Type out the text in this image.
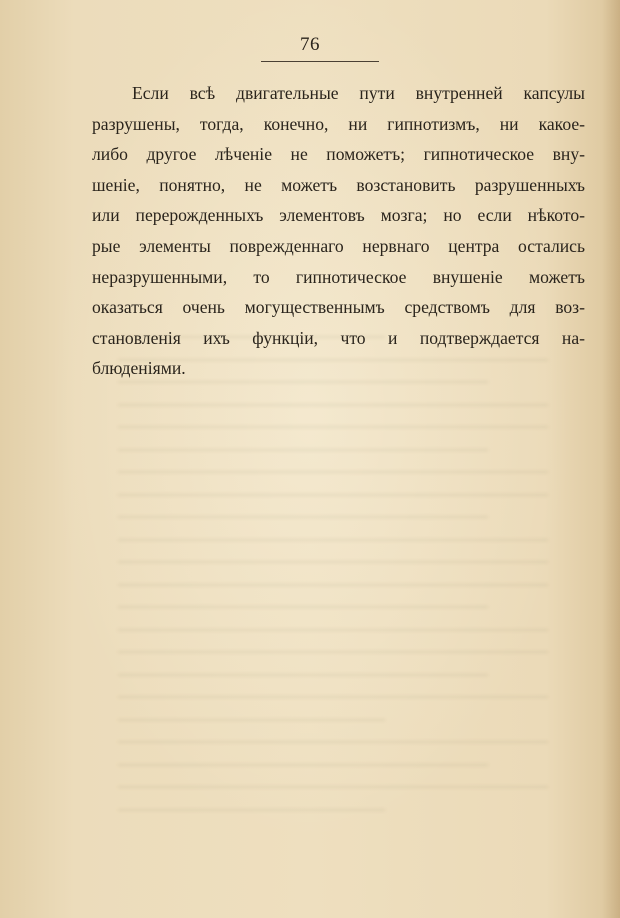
76
Если всѣ двигательные пути внутренней капсулы
разрушены, тогда, конечно, ни гипнотизмъ, ни какое-
либо другое лѣченіе не поможетъ; гипнотическое вну-
шеніе, понятно, не можетъ возстановить разрушенныхъ
или перерожденныхъ элементовъ мозга; но если нѣкото-
рые элементы поврежденнаго нервнаго центра остались
неразрушенными, то гипнотическое внушеніе можетъ
оказаться очень могущественнымъ средствомъ для воз-
становленія ихъ функціи, что и подтверждается на-
блюденіями.
